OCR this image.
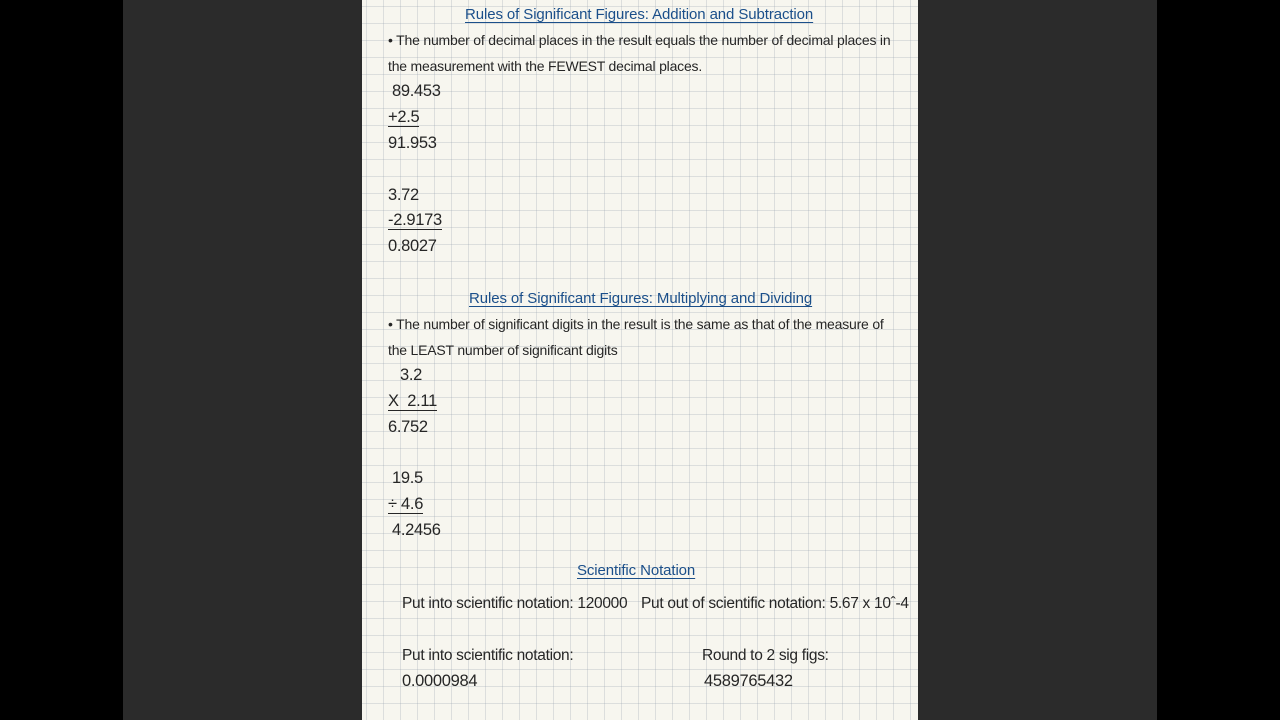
Rules of Significant Figures: Addition and Subtraction
• The number of decimal places in the result equals the number of decimal places in
the measurement with the FEWEST decimal places.
89.453
+2.5
91.953
3.72
-2.9173
0.8027
Rules of Significant Figures: Multiplying and Dividing
• The number of significant digits in the result is the same as that of the measure of
the LEAST number of significant digits
3.2
X  2.11
6.752
19.5
÷ 4.6
4.2456
Scientific Notation
Put into scientific notation: 120000 Put out of scientific notation: 5.67 x 10ˆ-4
Put into scientific notation:
0.0000984
Round to 2 sig figs:
4589765432
